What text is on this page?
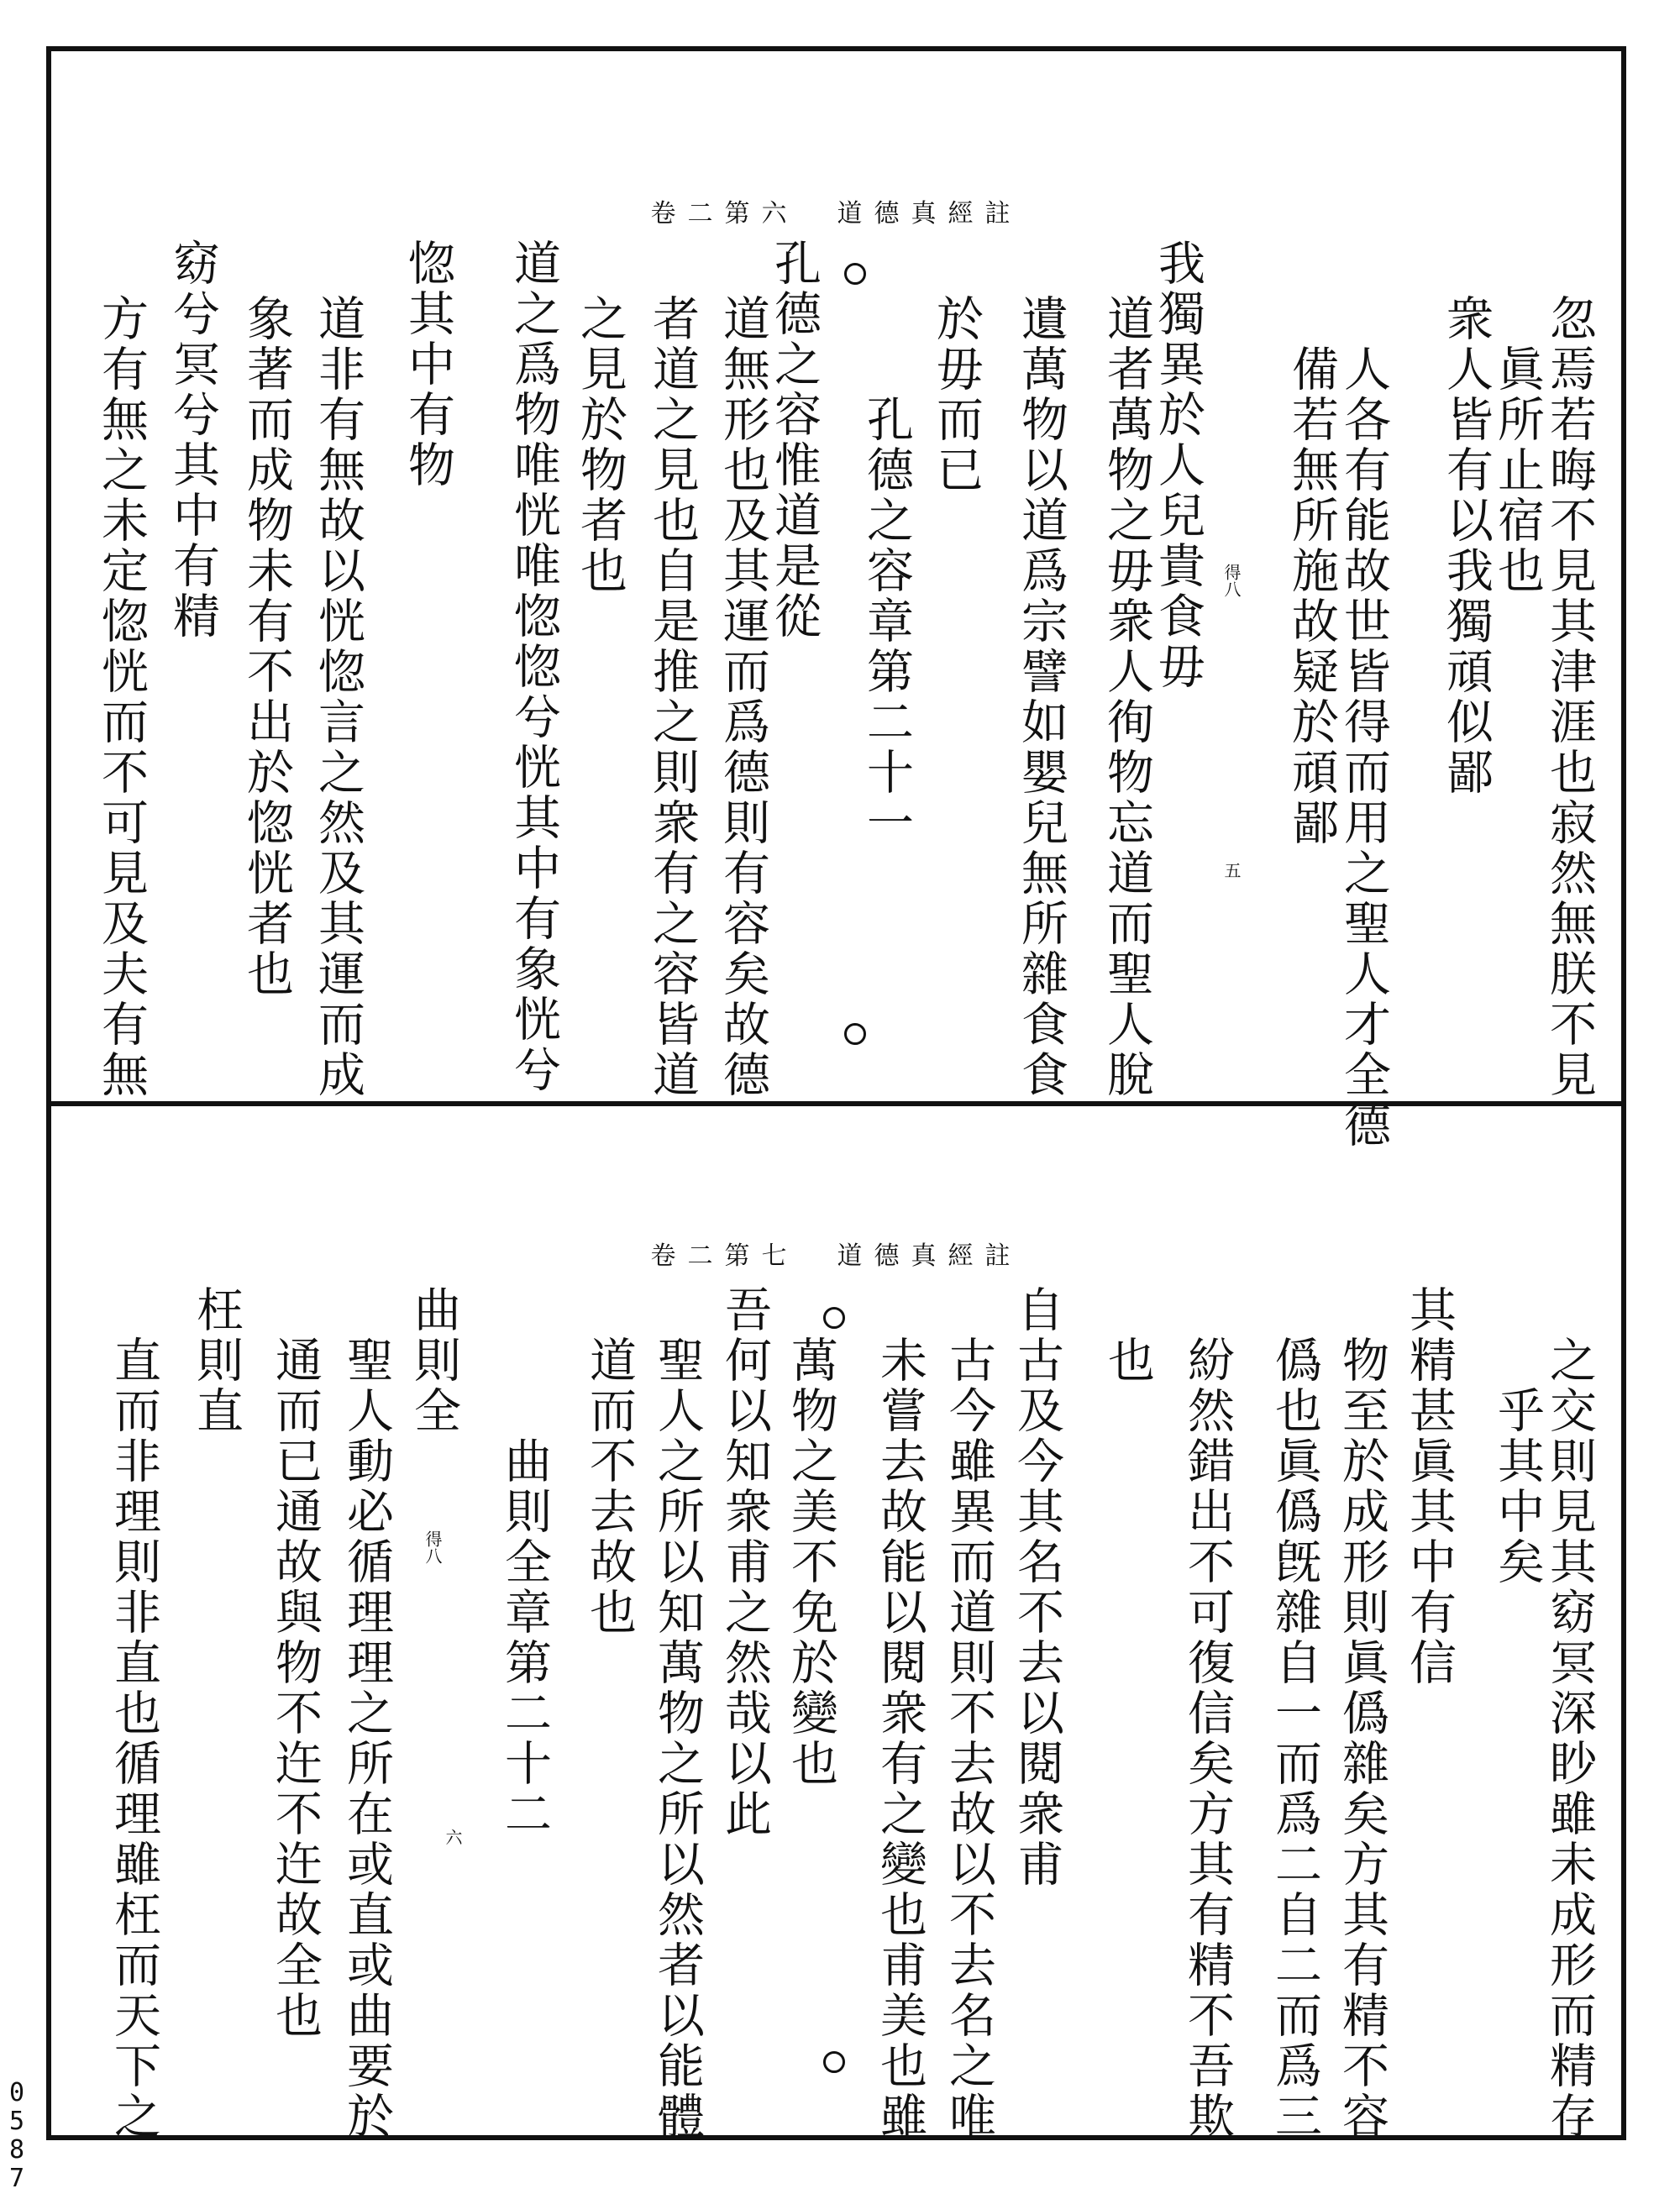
卷二第六 道德真經註
得八
五	忽焉若晦不見其津涯也寂然無朕不見
眞所止宿也
衆人皆有以我獨頑似鄙
人各有能故世皆得而用之聖人才全德
備若無所施故疑於頑鄙
我獨異於人兒貴食毋
道者萬物之毋衆人徇物忘道而聖人脫
遺萬物以道爲宗譬如嬰兒無所雜食食
於毋而已
孔德之容章第二十一
孔德之容惟道是從
道無形也及其運而爲德則有容矣故德
者道之見也自是推之則衆有之容皆道
之見於物者也
道之爲物唯恍唯惚惚兮恍其中有象恍兮
惚其中有物
道非有無故以恍惚言之然及其運而成
象著而成物未有不出於惚恍者也
窈兮冥兮其中有精
方有無之未定惚恍而不可見及夫有無
卷二第七 道德真經註
得八
六	之交則見其窈冥深眇雖未成形而精存
乎其中矣
其精甚眞其中有信
物至於成形則眞僞雜矣方其有精不容
僞也眞僞旣雜自一而爲二自二而爲三
紛然錯出不可復信矣方其有精不吾欺
也
自古及今其名不去以閱衆甫
古今雖異而道則不去故以不去名之唯
未嘗去故能以閱衆有之變也甫美也雖
萬物之美不免於變也
吾何以知衆甫之然哉以此
聖人之所以知萬物之所以然者以能體
道而不去故也
曲則全章第二十二
曲則全
聖人動必循理理之所在或直或曲要於
通而已通故與物不迕不迕故全也
枉則直
直而非理則非直也循理雖枉而天下之
0
5
8
7
